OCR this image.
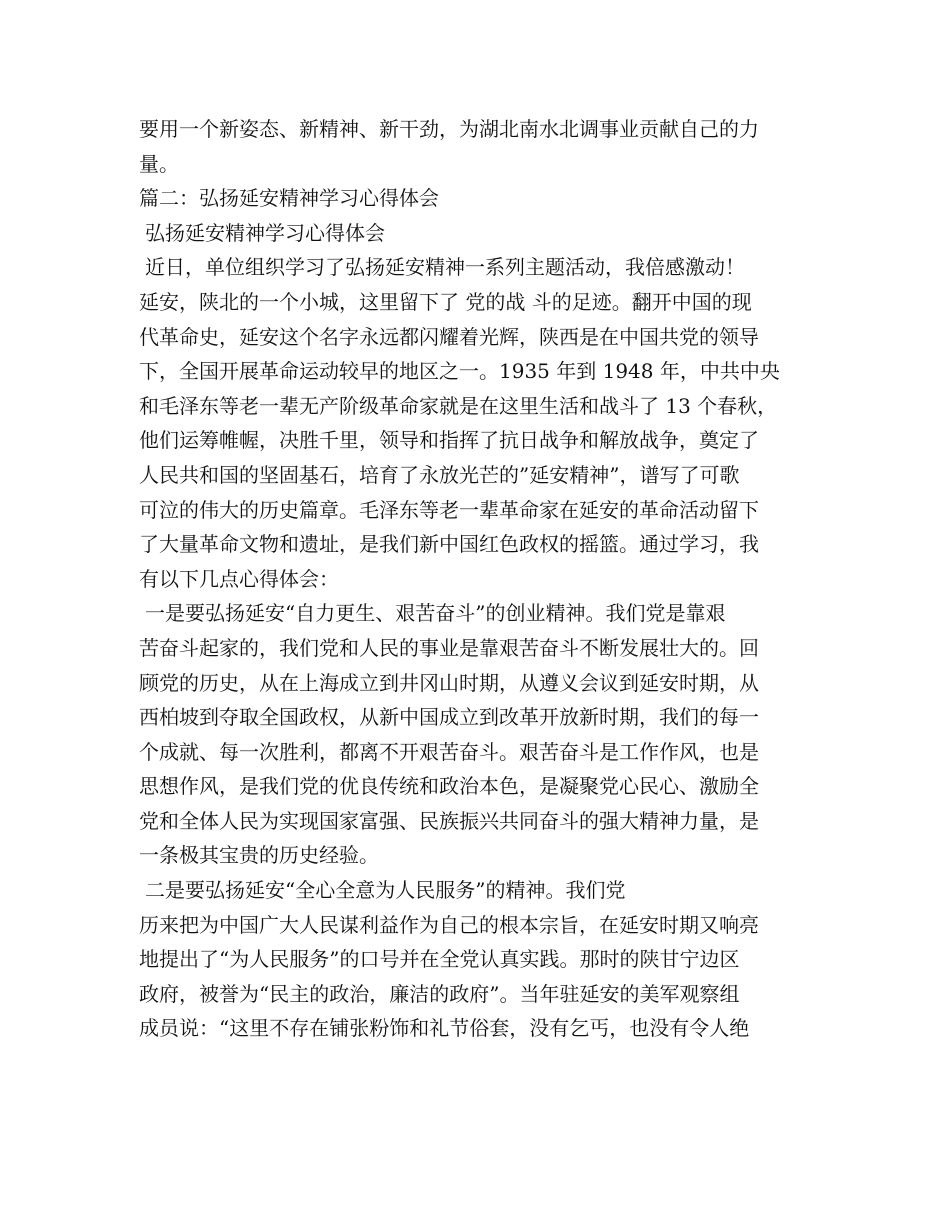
要用一个新姿态、新精神、新干劲，为湖北南水北调事业贡献自己的力
量。
篇二：弘扬延安精神学习心得体会
弘扬延安精神学习心得体会
近日，单位组织学习了弘扬延安精神一系列主题活动，我倍感激动！
延安，陕北的一个小城，这里留下了 党的战 斗的足迹。翻开中国的现
代革命史，延安这个名字永远都闪耀着光辉，陕西是在中国共党的领导
下，全国开展革命运动较早的地区之一。1935 年到 1948 年，中共中央
和毛泽东等老一辈无产阶级革命家就是在这里生活和战斗了 13 个春秋，
他们运筹帷幄，决胜千里，领导和指挥了抗日战争和解放战争，奠定了
人民共和国的坚固基石，培育了永放光芒的”延安精神”，谱写了可歌
可泣的伟大的历史篇章。毛泽东等老一辈革命家在延安的革命活动留下
了大量革命文物和遗址，是我们新中国红色政权的摇篮。通过学习，我
有以下几点心得体会：
一是要弘扬延安“自力更生、艰苦奋斗”的创业精神。我们党是靠艰
苦奋斗起家的，我们党和人民的事业是靠艰苦奋斗不断发展壮大的。回
顾党的历史，从在上海成立到井冈山时期，从遵义会议到延安时期，从
西柏坡到夺取全国政权，从新中国成立到改革开放新时期，我们的每一
个成就、每一次胜利，都离不开艰苦奋斗。艰苦奋斗是工作作风，也是
思想作风，是我们党的优良传统和政治本色，是凝聚党心民心、激励全
党和全体人民为实现国家富强、民族振兴共同奋斗的强大精神力量，是
一条极其宝贵的历史经验。
二是要弘扬延安“全心全意为人民服务”的精神。我们党
历来把为中国广大人民谋利益作为自己的根本宗旨，在延安时期又响亮
地提出了“为人民服务”的口号并在全党认真实践。那时的陕甘宁边区
政府，被誉为“民主的政治，廉洁的政府”。当年驻延安的美军观察组
成员说：“这里不存在铺张粉饰和礼节俗套，没有乞丐，也没有令人绝
